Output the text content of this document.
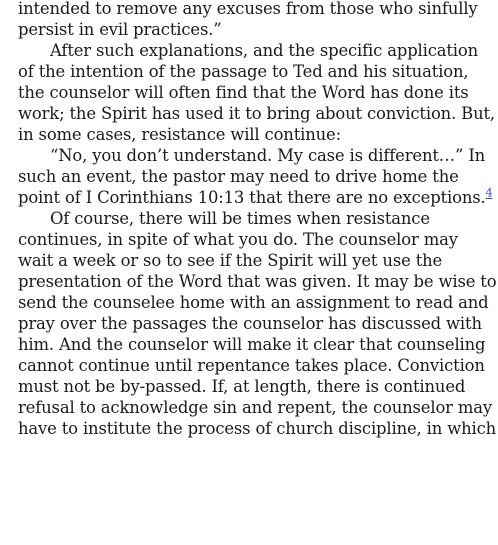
intended to remove any excuses from those who sinfully
persist in evil practices.”
After such explanations, and the specific application
of the intention of the passage to Ted and his situation,
the counselor will often find that the Word has done its
work; the Spirit has used it to bring about conviction. But,
in some cases, resistance will continue:
“No, you don’t understand. My case is different…” In
such an event, the pastor may need to drive home the
point of I Corinthians 10:13 that there are no exceptions.$^4$
Of course, there will be times when resistance
continues, in spite of what you do. The counselor may
wait a week or so to see if the Spirit will yet use the
presentation of the Word that was given. It may be wise to
send the counselee home with an assignment to read and
pray over the passages the counselor has discussed with
him. And the counselor will make it clear that counseling
cannot continue until repentance takes place. Conviction
must not be by-passed. If, at length, there is continued
refusal to acknowledge sin and repent, the counselor may
have to institute the process of church discipline, in which
